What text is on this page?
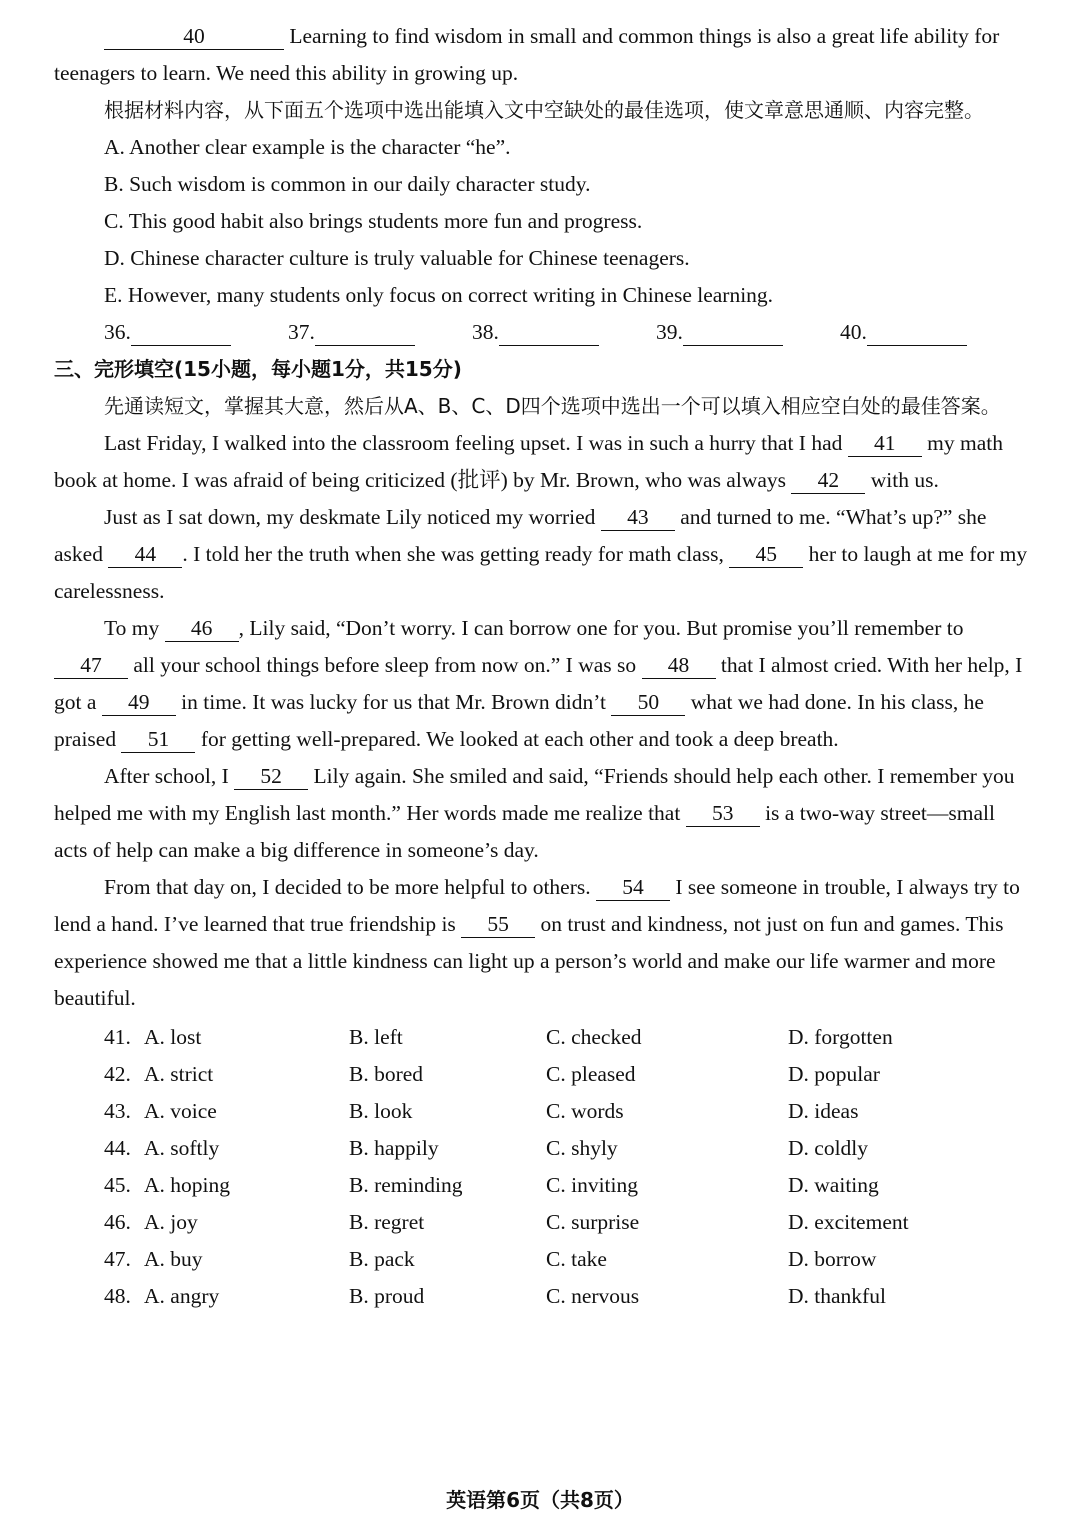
40	Learning to find wisdom in small and common things is also a great life ability for teenagers to learn. We need this ability in growing up.

根据材料内容，从下面五个选项中选出能填入文中空缺处的最佳选项，使文章意思通顺、内容完整。

A. Another clear example is the character “he”.

B. Such wisdom is common in our daily character study.

C. This good habit also brings students more fun and progress.

D. Chinese character culture is truly valuable for Chinese teenagers.

E. However, many students only focus on correct writing in Chinese learning.

36.	37.	38.	39.	40.

三、完形填空(15小题，每小题1分，共15分)

先通读短文，掌握其大意，然后从A、B、C、D四个选项中选出一个可以填入相应空白处的最佳答案。

Last Friday, I walked into the classroom feeling upset. I was in such a hurry that I had 41 my math book at home. I was afraid of being criticized (批评) by Mr. Brown, who was always 42 with us.

Just as I sat down, my deskmate Lily noticed my worried 43 and turned to me. “What’s up?” she asked 44 . I told her the truth when she was getting ready for math class, 45 her to laugh at me for my carelessness.

To my 46 , Lily said, “Don’t worry. I can borrow one for you. But promise you’ll remember to 47 all your school things before sleep from now on.” I was so 48 that I almost cried. With her help, I got a 49 in time. It was lucky for us that Mr. Brown didn’t 50 what we had done. In his class, he praised 51 for getting well-prepared. We looked at each other and took a deep breath.

After school, I 52 Lily again. She smiled and said, “Friends should help each other. I remember you helped me with my English last month.” Her words made me realize that 53 is a two-way street—small acts of help can make a big difference in someone’s day.

From that day on, I decided to be more helpful to others. 54 I see someone in trouble, I always try to lend a hand. I’ve learned that true friendship is 55 on trust and kindness, not just on fun and games. This experience showed me that a little kindness can light up a person’s world and make our life warmer and more beautiful.

41. A. lost	B. left	C. checked	D. forgotten
42. A. strict	B. bored	C. pleased	D. popular
43. A. voice	B. look	C. words	D. ideas
44. A. softly	B. happily	C. shyly	D. coldly
45. A. hoping	B. reminding	C. inviting	D. waiting
46. A. joy	B. regret	C. surprise	D. excitement
47. A. buy	B. pack	C. take	D. borrow
48. A. angry	B. proud	C. nervous	D. thankful
英语第6页（共8页）
